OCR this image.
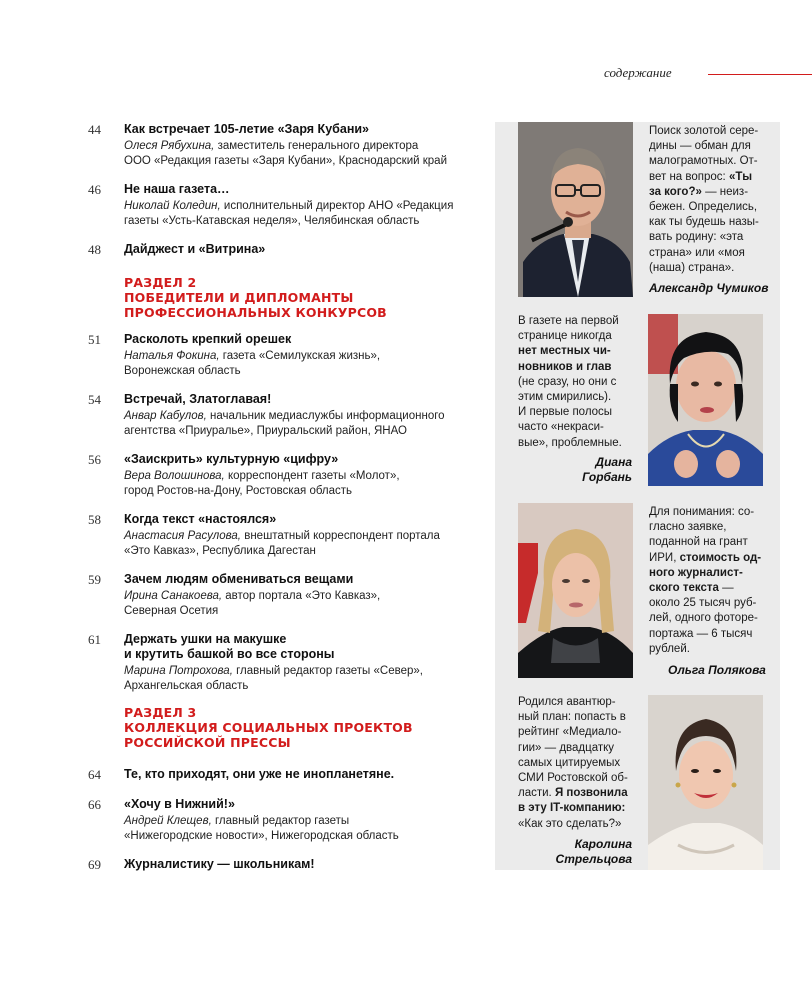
содержание
44	Как встречает 105-летие «Заря Кубани»
Олеся Рябухина, заместитель генерального директора
ООО «Редакция газеты «Заря Кубани», Краснодарский край
46	Не наша газета…
Николай Коледин, исполнительный директор АНО «Редакция
газеты «Усть-Катавская неделя», Челябинская область
48	Дайджест и «Витрина»
РАЗДЕЛ 2
ПОБЕДИТЕЛИ И ДИПЛОМАНТЫ
ПРОФЕССИОНАЛЬНЫХ КОНКУРСОВ
51	Расколоть крепкий орешек
Наталья Фокина, газета «Семилукская жизнь»,
Воронежская область
54	Встречай, Златоглавая!
Анвар Кабулов, начальник медиаслужбы информационного
агентства «Приуралье», Приуральский район, ЯНАО
56	«Заискрить» культурную «цифру»
Вера Волошинова, корреспондент газеты «Молот»,
город Ростов-на-Дону, Ростовская область
58	Когда текст «настоялся»
Анастасия Расулова, внештатный корреспондент портала
«Это Кавказ», Республика Дагестан
59	Зачем людям обмениваться вещами
Ирина Санакоева, автор портала «Это Кавказ»,
Северная Осетия
61	Держать ушки на макушке
и крутить башкой во все стороны
Марина Потрохова, главный редактор газеты «Север»,
Архангельская область
РАЗДЕЛ 3
КОЛЛЕКЦИЯ СОЦИАЛЬНЫХ ПРОЕКТОВ
РОССИЙСКОЙ ПРЕССЫ
64	Те, кто приходят, они уже не инопланетяне.
66	«Хочу в Нижний!»
Андрей Клещев, главный редактор газеты
«Нижегородские новости», Нижегородская область
69	Журналистику — школьникам!
Поиск золотой сере-
дины — обман для
малограмотных. От-
вет на вопрос: «Ты
за кого?» — неиз-
бежен. Определись,
как ты будешь назы-
вать родину: «эта
страна» или «моя
(наша) страна».
Александр Чумиков
В газете на первой
странице никогда
нет местных чи-
новников и глав
(не сразу, но они с
этим смирились).
И первые полосы
часто «некраси-
вые», проблемные.
Диана
Горбань
Для понимания: со-
гласно заявке,
поданной на грант
ИРИ, стоимость од-
ного журналист-
ского текста —
около 25 тысяч руб-
лей, одного фоторе-
портажа — 6 тысяч
рублей.
Ольга Полякова
Родился авантюр-
ный план: попасть в
рейтинг «Медиало-
гии» — двадцатку
самых цитируемых
СМИ Ростовской об-
ласти. Я позвонила
в эту IT-компанию:
«Как это сделать?»
Каролина
Стрельцова
